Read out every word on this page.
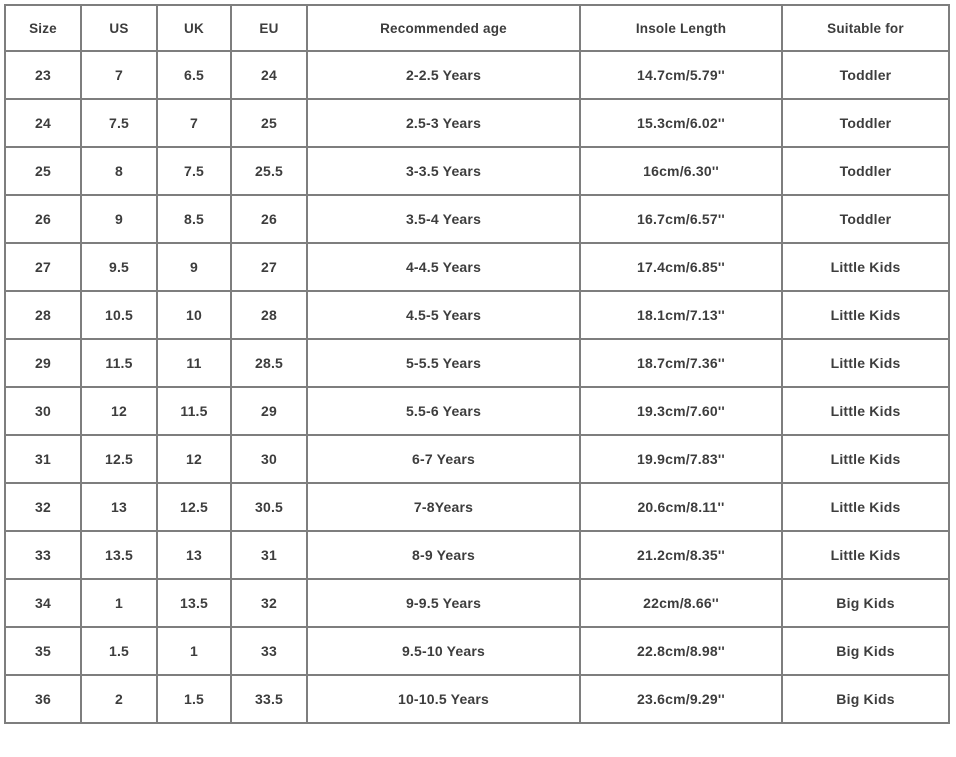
Size	US	UK	EU	Recommended age	Insole Length	Suitable for
23	7	6.5	24	2-2.5 Years	14.7cm/5.79''	Toddler
24	7.5	7	25	2.5-3 Years	15.3cm/6.02''	Toddler
25	8	7.5	25.5	3-3.5 Years	16cm/6.30''	Toddler
26	9	8.5	26	3.5-4 Years	16.7cm/6.57''	Toddler
27	9.5	9	27	4-4.5 Years	17.4cm/6.85''	Little Kids
28	10.5	10	28	4.5-5 Years	18.1cm/7.13''	Little Kids
29	11.5	11	28.5	5-5.5 Years	18.7cm/7.36''	Little Kids
30	12	11.5	29	5.5-6 Years	19.3cm/7.60''	Little Kids
31	12.5	12	30	6-7 Years	19.9cm/7.83''	Little Kids
32	13	12.5	30.5	7-8Years	20.6cm/8.11''	Little Kids
33	13.5	13	31	8-9 Years	21.2cm/8.35''	Little Kids
34	1	13.5	32	9-9.5 Years	22cm/8.66''	Big Kids
35	1.5	1	33	9.5-10 Years	22.8cm/8.98''	Big Kids
36	2	1.5	33.5	10-10.5 Years	23.6cm/9.29''	Big Kids
